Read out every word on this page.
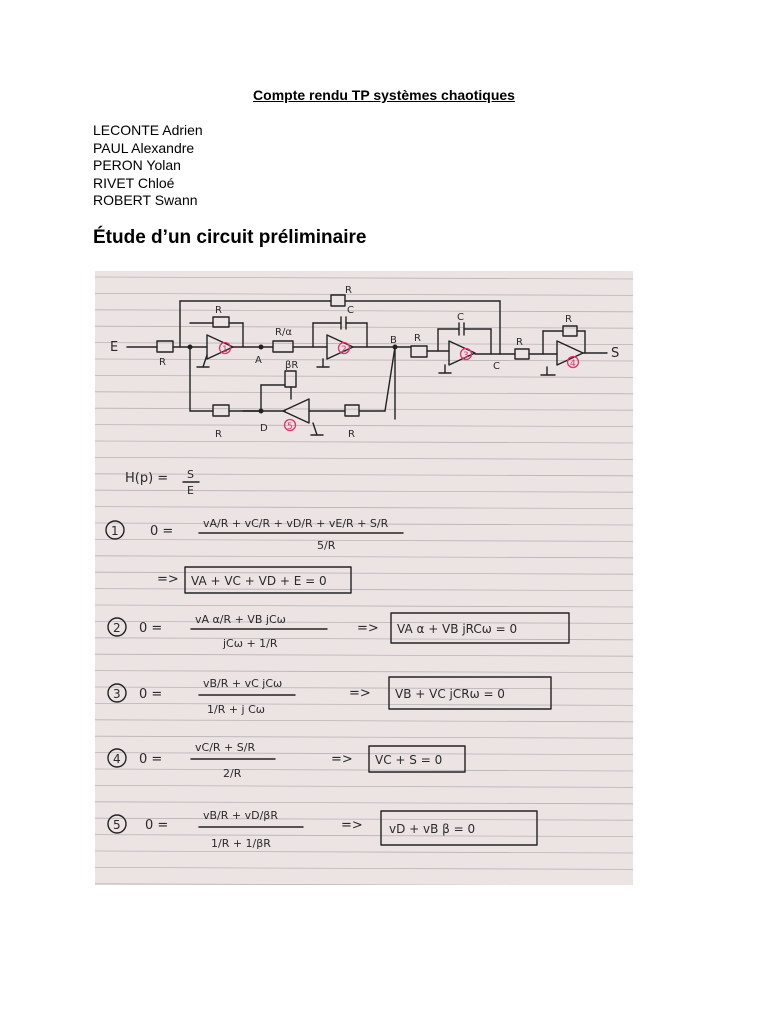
Compte rendu TP systèmes chaotiques
LECONTE Adrien
PAUL Alexandre
PERON Yolan
RIVET Chloé
ROBERT Swann
Étude d’un circuit préliminaire
E	S
A
B
C
D
R
R
R
R/α
βR
R	R
R	R
R
C
C
1	2
3
4
5
H(p) = S
E
1 0 =
vA/R + vC/R + vD/R + vE/R + S/R
5/R
=> VA + VC + VD + E = 0
2 0 =
vA α/R + VB jCω
jCω + 1/R
=> VA α + VB jRCω = 0
3 0 =
vB/R + vC jCω
1/R + j Cω
=> VB + VC jCRω = 0
4 0 =
vC/R + S/R
2/R
=> VC + S = 0
5 0 =
vB/R + vD/βR
1/R + 1/βR
=> vD + vB β = 0
